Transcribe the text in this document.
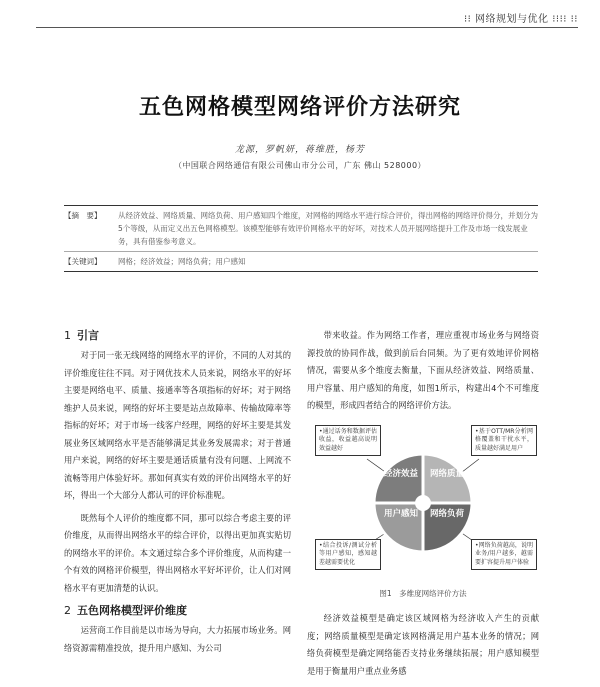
⁝⁝ 网络规划与优化 ⁝⁝⁝⁝ ⁝⁝
五色网格模型网络评价方法研究
龙源，罗帆妍，蒋维胜，杨芳
（中国联合网络通信有限公司佛山市分公司，广东 佛山 528000）
【摘　要】	从经济效益、网络质量、网络负荷、用户感知四个维度，对网格的网络水平进行综合评价，得出网格的网络评价得分，并划分为5个等级，从而定义出五色网格模型。该模型能够有效评价网格水平的好坏，对技术人员开展网络提升工作及市场一线发展业务，具有借鉴参考意义。
【关键词】	网格；经济效益；网络负荷；用户感知
1 引言

对于同一张无线网络的网络水平的评价，不同的人对其的评价维度往往不同。对于网优技术人员来说，网络水平的好坏主要是网络电平、质量、接通率等各项指标的好坏；对于网络维护人员来说，网络的好坏主要是站点故障率、传输故障率等指标的好坏；对于市场一线客户经理，网络的好坏主要是其发展业务区域网络水平是否能够满足其业务发展需求；对于普通用户来说，网络的好坏主要是通话质量有没有问题、上网流不流畅等用户体验好坏。那如何真实有效的评价出网络水平的好坏，得出一个大部分人都认可的评价标准呢。

既然每个人评价的维度都不同，那可以综合考虑主要的评价维度，从而得出网络水平的综合评价，以得出更加真实贴切的网络水平的评价。本文通过综合多个评价维度，从而构建一个有效的网格评价模型，得出网格水平好坏评价，让人们对网格水平有更加清楚的认识。

2 五色网格模型评价维度

运营商工作目前是以市场为导向，大力拓展市场业务。网络资源需精准投放，提升用户感知、为公司

带来收益。作为网络工作者，理应重视市场业务与网络资源投放的协同作战，做到前后台同频。为了更有效地评价网格情况，需要从多个维度去衡量，下面从经济效益、网络质量、用户容量、用户感知的角度，如图1所示，构建出4个不可维度的模型，形成四者结合的网络评价方法。

经济效益	网络质量
用户感知	网络负荷
•通过话务和数据评估收益，收益越高说明效益越好
•基于OTT/MR分析网格覆盖和干扰水平，质量越好满足用户
•结合投诉/测试分析等用户感知，感知越差越需要优化
•网络负荷越高，说明业务/用户越多，越需要扩容提升用户体验
图1　多维度网络评价方法

经济效益模型是确定该区域网格为经济收入产生的贡献度；网络质量模型是确定该网格满足用户基本业务的情况；网络负荷模型是确定网络能否支持业务继续拓展；用户感知模型是用于衡量用户重点业务感
